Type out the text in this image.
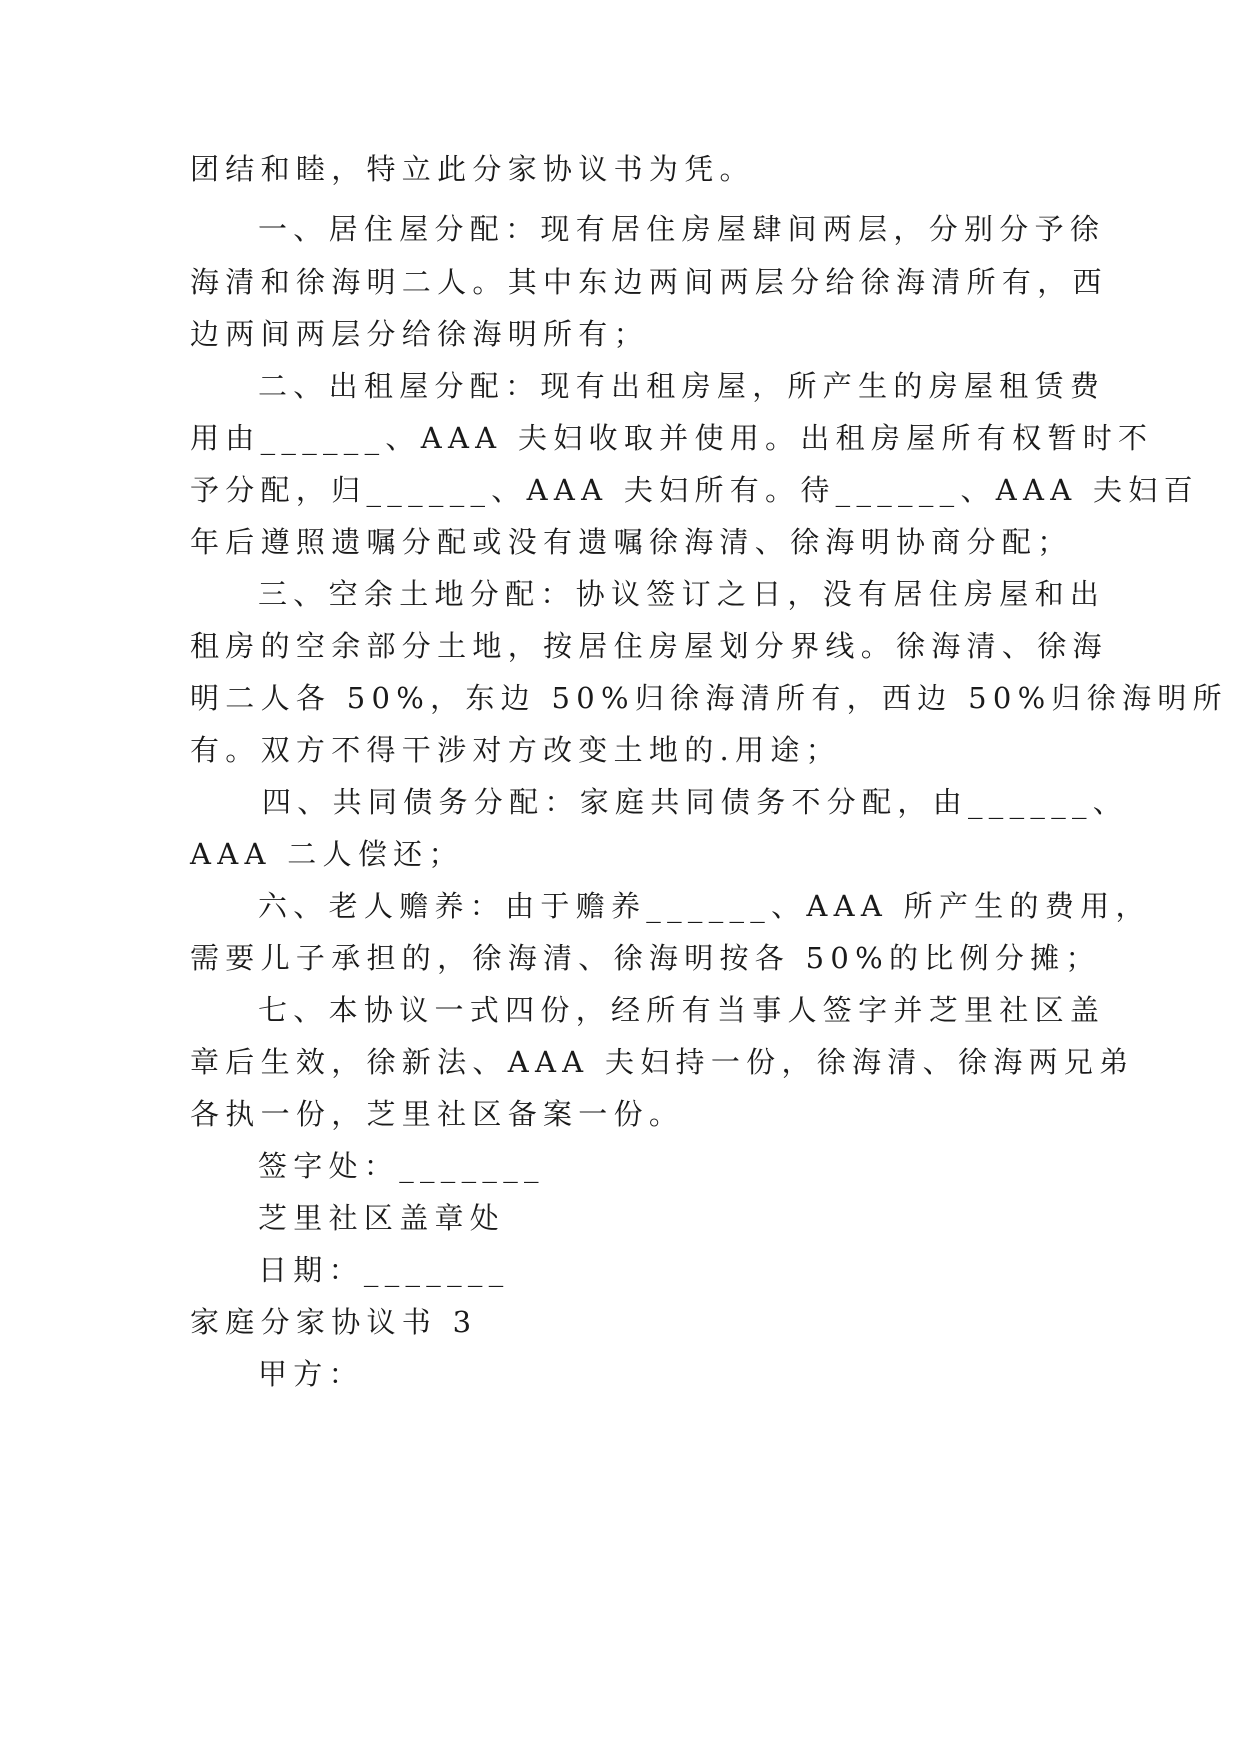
团结和睦，特立此分家协议书为凭。
一、居住屋分配：现有居住房屋肆间两层，分别分予徐
海清和徐海明二人。其中东边两间两层分给徐海清所有，西
边两间两层分给徐海明所有；
二、出租屋分配：现有出租房屋，所产生的房屋租赁费
用由______、AAA 夫妇收取并使用。出租房屋所有权暂时不
予分配，归______、AAA 夫妇所有。待______、AAA 夫妇百
年后遵照遗嘱分配或没有遗嘱徐海清、徐海明协商分配；
三、空余土地分配：协议签订之日，没有居住房屋和出
租房的空余部分土地，按居住房屋划分界线。徐海清、徐海
明二人各 50%，东边 50%归徐海清所有，西边 50%归徐海明所
有。双方不得干涉对方改变土地的.用途；
四、共同债务分配：家庭共同债务不分配，由______、
AAA 二人偿还；
六、老人赡养：由于赡养______、AAA 所产生的费用，
需要儿子承担的，徐海清、徐海明按各 50%的比例分摊；
七、本协议一式四份，经所有当事人签字并芝里社区盖
章后生效，徐新法、AAA 夫妇持一份，徐海清、徐海两兄弟
各执一份，芝里社区备案一份。
签字处：_______
芝里社区盖章处
日期：_______
家庭分家协议书 3
甲方：
